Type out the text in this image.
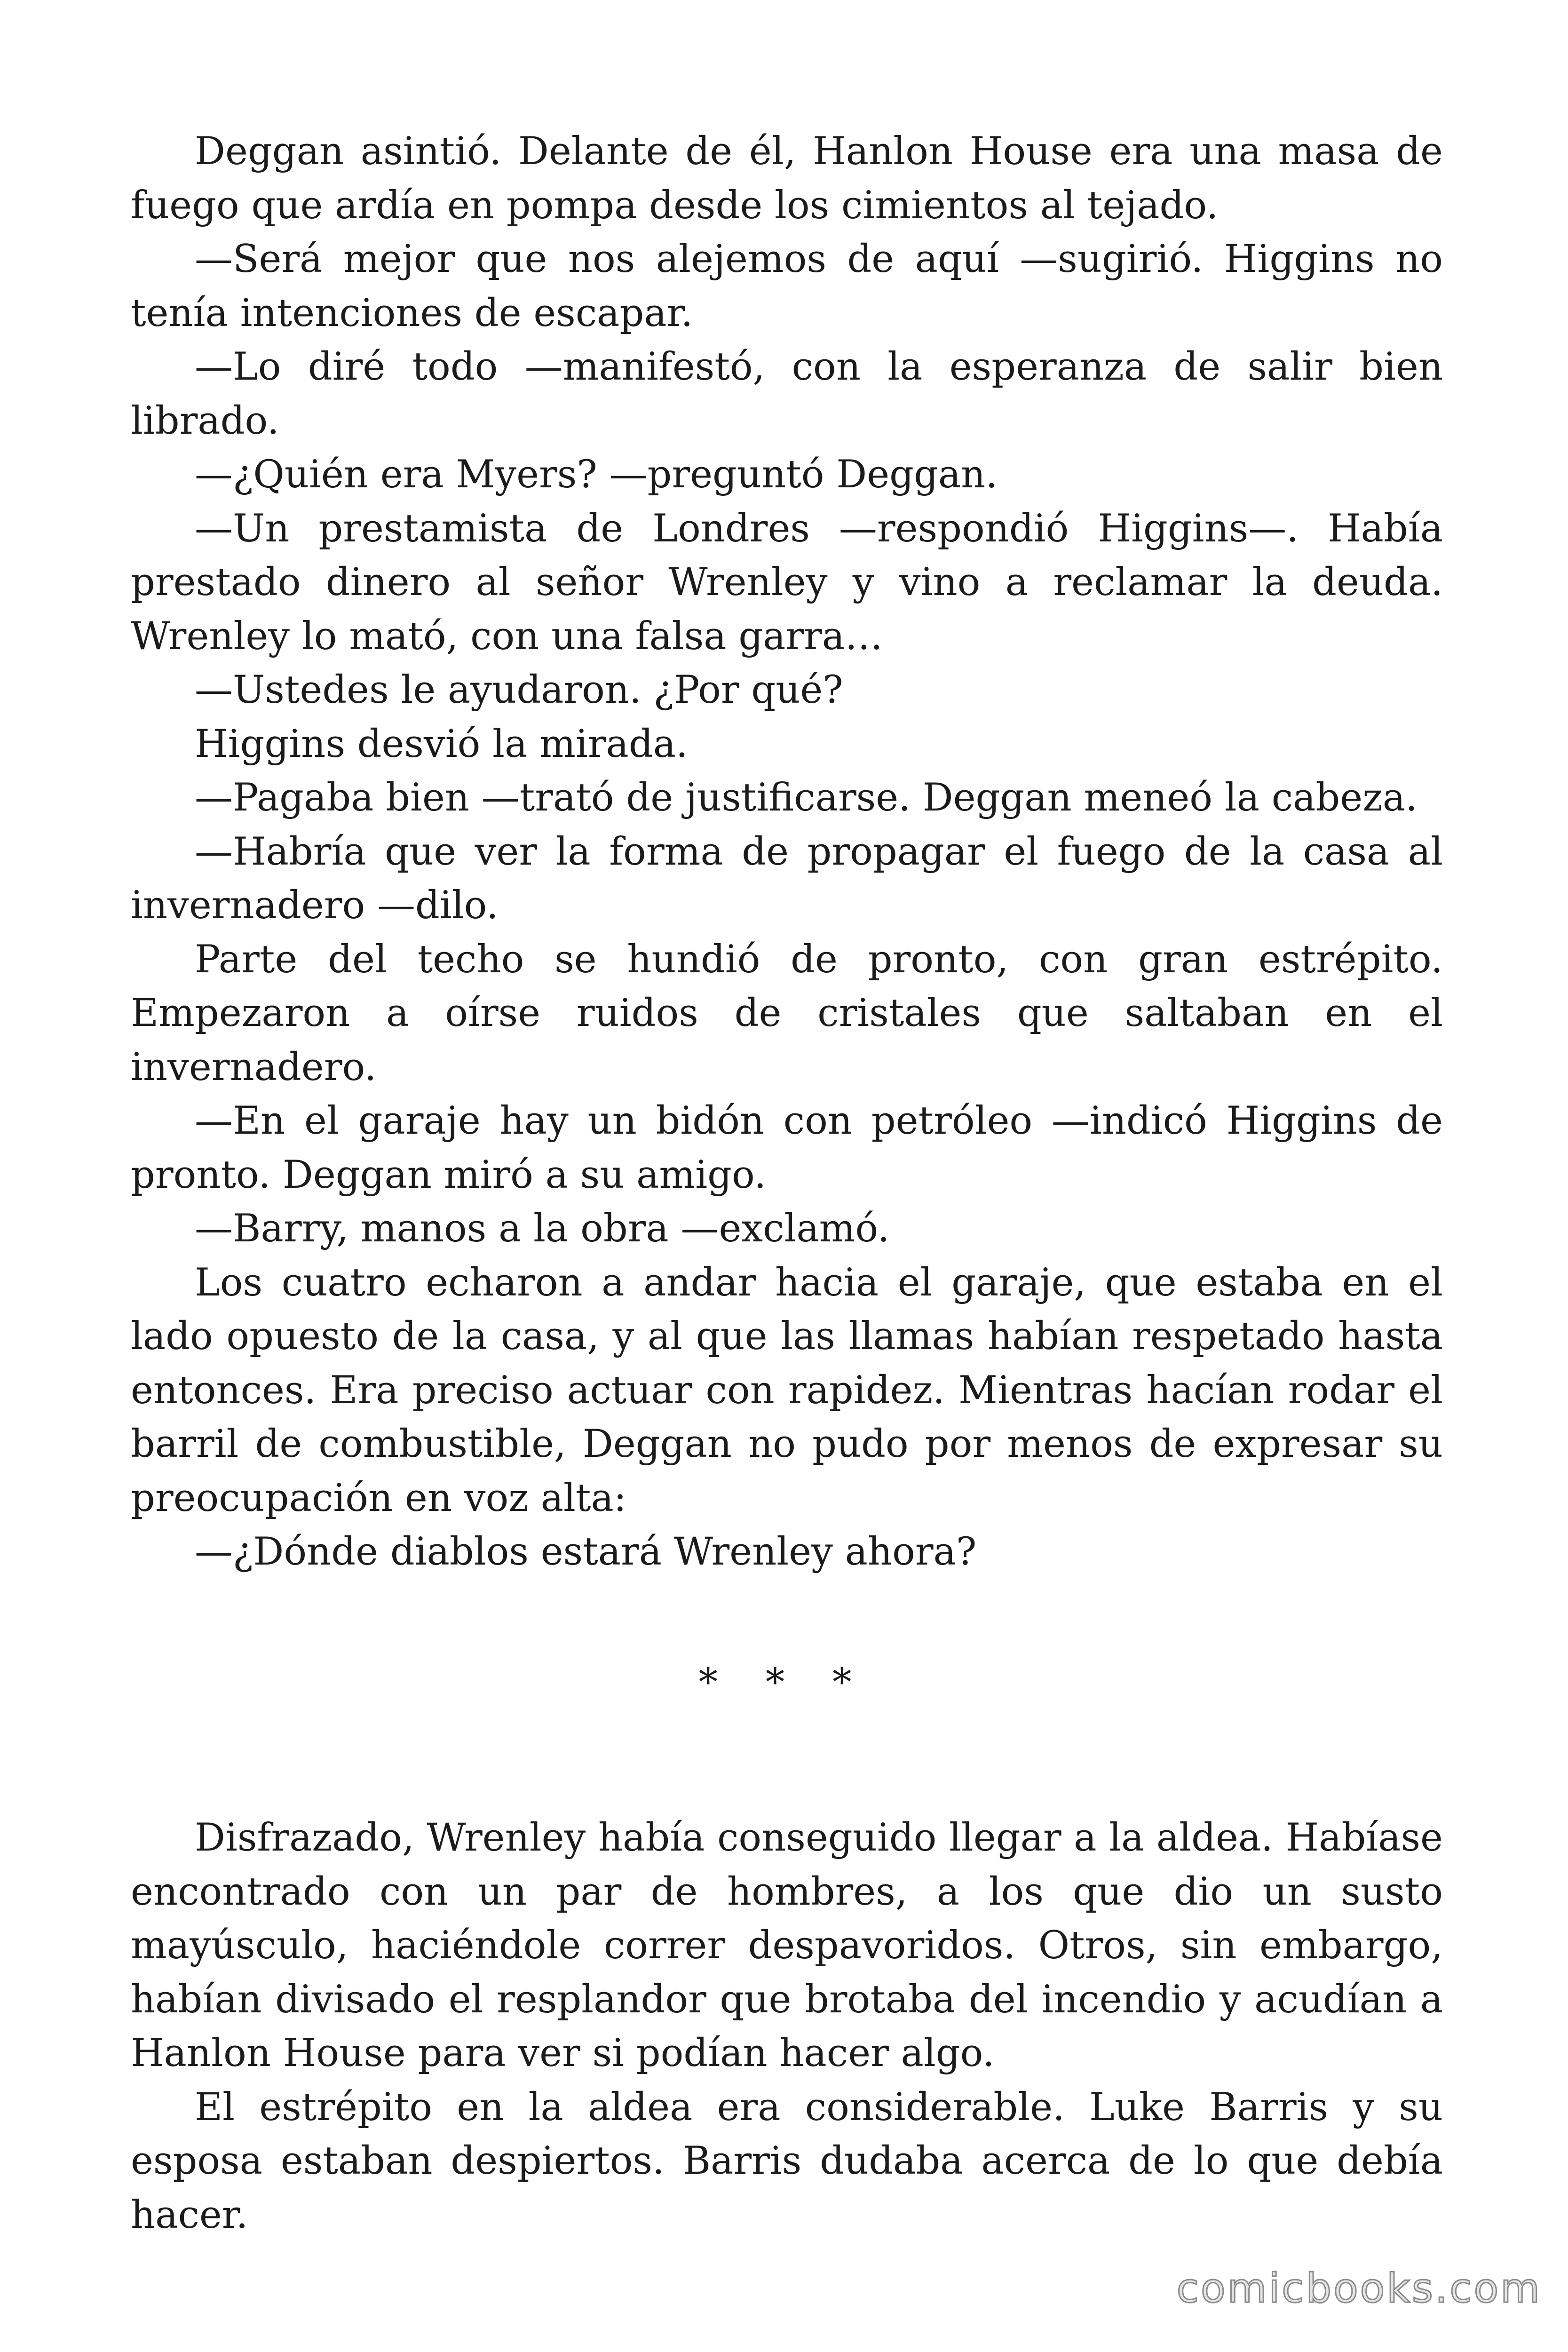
Deggan asintió. Delante de él, Hanlon House era una masa de fuego que ardía en pompa desde los cimientos al tejado.

—Será mejor que nos alejemos de aquí —sugirió. Higgins no tenía intenciones de escapar.

—Lo diré todo —manifestó, con la esperanza de salir bien librado.

—¿Quién era Myers? —preguntó Deggan.

—Un prestamista de Londres —respondió Higgins—. Había prestado dinero al señor Wrenley y vino a reclamar la deuda. Wrenley lo mató, con una falsa garra…

—Ustedes le ayudaron. ¿Por qué?

Higgins desvió la mirada.

—Pagaba bien —trató de justificarse. Deggan meneó la cabeza.

—Habría que ver la forma de propagar el fuego de la casa al invernadero —dilo.

Parte del techo se hundió de pronto, con gran estrépito. Empezaron a oírse ruidos de cristales que saltaban en el invernadero.

—En el garaje hay un bidón con petróleo —indicó Higgins de pronto. Deggan miró a su amigo.

—Barry, manos a la obra —exclamó.

Los cuatro echaron a andar hacia el garaje, que estaba en el lado opuesto de la casa, y al que las llamas habían respetado hasta entonces. Era preciso actuar con rapidez. Mientras hacían rodar el barril de combustible, Deggan no pudo por menos de expresar su preocupación en voz alta:

—¿Dónde diablos estará Wrenley ahora?

* * *

Disfrazado, Wrenley había conseguido llegar a la aldea. Habíase encontrado con un par de hombres, a los que dio un susto mayúsculo, haciéndole correr despavoridos. Otros, sin embargo, habían divisado el resplandor que brotaba del incendio y acudían a Hanlon House para ver si podían hacer algo.

El estrépito en la aldea era considerable. Luke Barris y su esposa estaban despiertos. Barris dudaba acerca de lo que debía hacer.

comicbooks.com
